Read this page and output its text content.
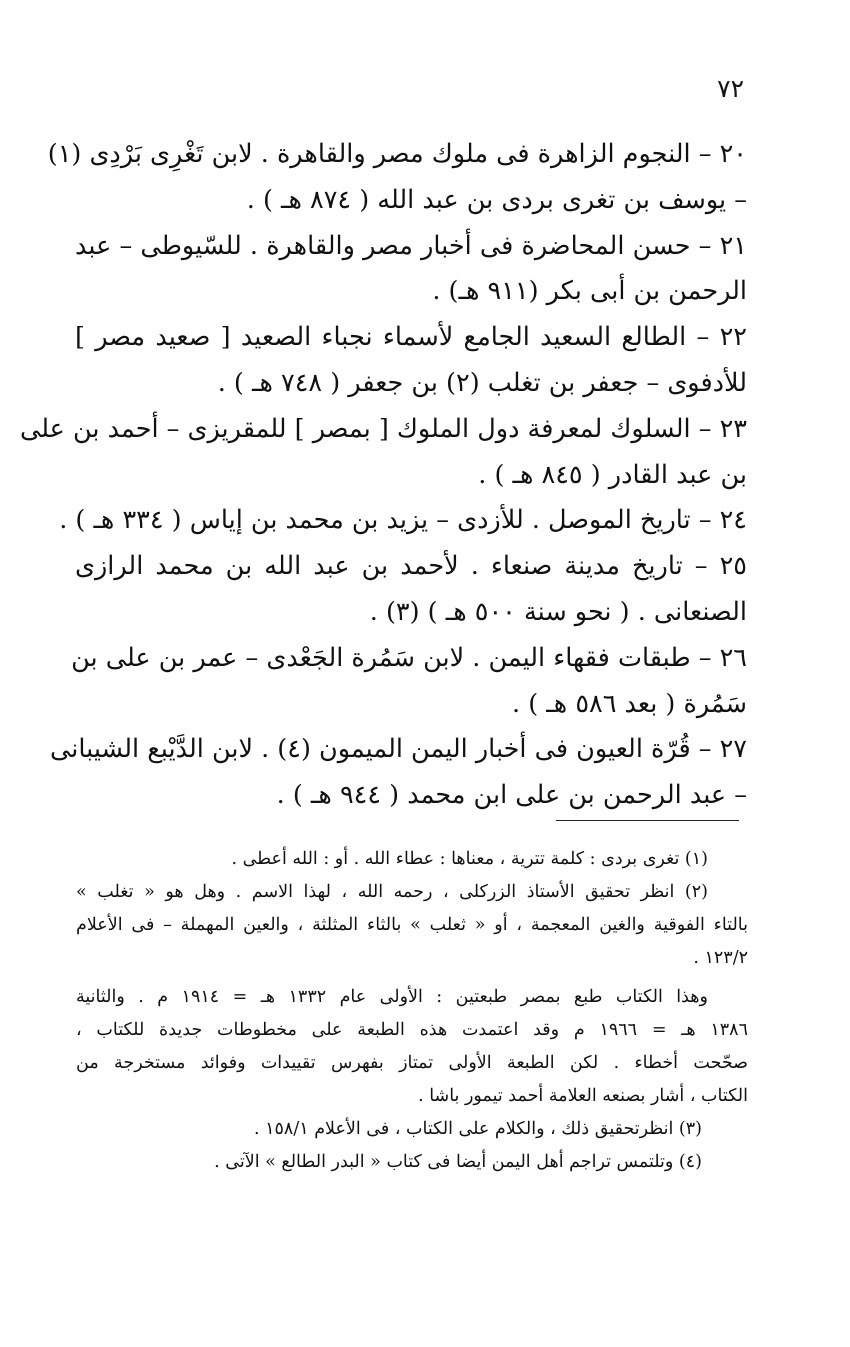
٧٢

٢٠ – النجوم الزاهرة فى ملوك مصر والقاهرة . لابن تَغْرِى بَرْدِى (١)
– يوسف بن تغرى بردى بن عبد الله ( ٨٧٤ هـ ) .
٢١ – حسن المحاضرة فى أخبار مصر والقاهرة . للسّيوطى – عبد
الرحمن بن أبى بكر (٩١١ هـ) .
٢٢ – الطالع السعيد الجامع لأسماء نجباء الصعيد [ صعيد مصر ]
للأدفوى – جعفر بن تغلب (٢) بن جعفر ( ٧٤٨ هـ ) .
٢٣ – السلوك لمعرفة دول الملوك [ بمصر ] للمقريزى – أحمد بن على
بن عبد القادر ( ٨٤٥ هـ ) .
٢٤ – تاريخ الموصل . للأزدى – يزيد بن محمد بن إياس ( ٣٣٤ هـ ) .
٢٥ – تاريخ مدينة صنعاء . لأحمد بن عبد الله بن محمد الرازى
الصنعانى . ( نحو سنة ٥٠٠ هـ ) (٣) .
٢٦ – طبقات فقهاء اليمن . لابن سَمُرة الجَعْدى – عمر بن على بن
سَمُرة ( بعد ٥٨٦ هـ ) .
٢٧ – قُرّة العيون فى أخبار اليمن الميمون (٤) . لابن الدَّيْبع الشيبانى
– عبد الرحمن بن على ابن محمد ( ٩٤٤ هـ ) .
(١) تغرى بردى : كلمة تترية ، معناها : عطاء الله . أو : الله أعطى .
(٢) انظر تحقيق الأستاذ الزركلى ، رحمه الله ، لهذا الاسم . وهل هو « تغلب »
بالتاء الفوقية والغين المعجمة ، أو « ثعلب » بالثاء المثلثة ، والعين المهملة – فى الأعلام
١٢٣/٢ .
وهذا الكتاب طبع بمصر طبعتين : الأولى عام ١٣٣٢ هـ = ١٩١٤ م . والثانية
١٣٨٦ هـ = ١٩٦٦ م وقد اعتمدت هذه الطبعة على مخطوطات جديدة للكتاب ،
صحّحت أخطاء . لكن الطبعة الأولى تمتاز بفهرس تقييدات وفوائد مستخرجة من
الكتاب ، أشار بصنعه العلامة أحمد تيمور باشا .
(٣) انظرتحقيق ذلك ، والكلام على الكتاب ، فى الأعلام ١٥٨/١ .
(٤) وتلتمس تراجم أهل اليمن أيضا فى كتاب « البدر الطالع » الآتى .
